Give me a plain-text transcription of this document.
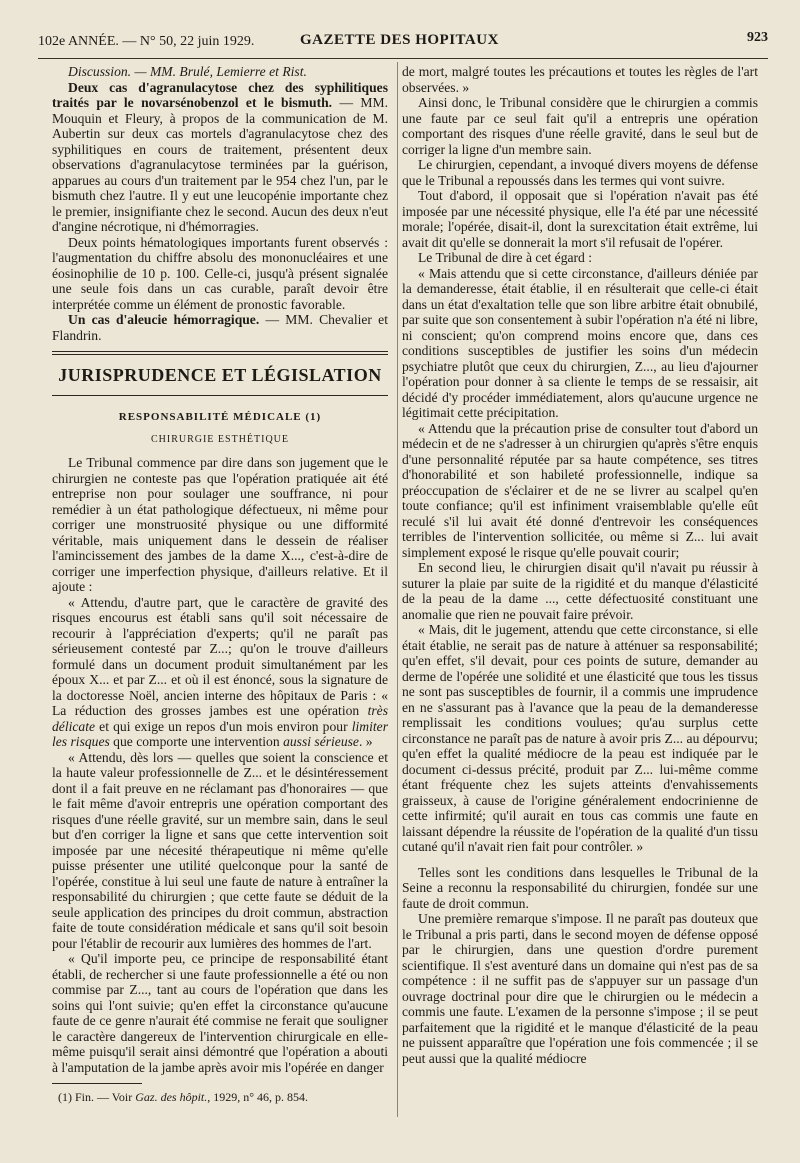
102e ANNÉE. — N° 50, 22 juin 1929.	GAZETTE DES HOPITAUX	923

Discussion. — MM. Brulé, Lemierre et Rist.

Deux cas d'agranulacytose chez des syphilitiques traités par le novarsénobenzol et le bismuth. — MM. Mouquin et Fleury, à propos de la communication de M. Aubertin sur deux cas mortels d'agranulacytose chez des syphilitiques en cours de traitement, présentent deux observations d'agranulacytose terminées par la guérison, apparues au cours d'un traitement par le 954 chez l'un, par le bismuth chez l'autre. Il y eut une leucopénie importante chez le premier, insignifiante chez le second. Aucun des deux n'eut d'angine nécrotique, ni d'hémorragies.

Deux points hématologiques importants furent observés : l'augmentation du chiffre absolu des mononucléaires et une éosinophilie de 10 p. 100. Celle-ci, jusqu'à présent signalée une seule fois dans un cas curable, paraît devoir être interprétée comme un élément de pronostic favorable.

Un cas d'aleucie hémorragique. — MM. Chevalier et Flandrin.

JURISPRUDENCE ET LÉGISLATION
RESPONSABILITÉ MÉDICALE (1)
CHIRURGIE ESTHÉTIQUE

Le Tribunal commence par dire dans son jugement que le chirurgien ne conteste pas que l'opération pratiquée ait été entreprise non pour soulager une souffrance, ni pour remédier à un état pathologique défectueux, ni même pour corriger une monstruosité physique ou une difformité véritable, mais uniquement dans le dessein de réaliser l'amincissement des jambes de la dame X..., c'est-à-dire de corriger une imperfection physique, d'ailleurs relative. Et il ajoute :

« Attendu, d'autre part, que le caractère de gravité des risques encourus est établi sans qu'il soit nécessaire de recourir à l'appréciation d'experts; qu'il ne paraît pas sérieusement contesté par Z...; qu'on le trouve d'ailleurs formulé dans un document produit simultanément par les époux X... et par Z... et où il est énoncé, sous la signature de la doctoresse Noël, ancien interne des hôpitaux de Paris : « La réduction des grosses jambes est une opération très délicate et qui exige un repos d'un mois environ pour limiter les risques que comporte une intervention aussi sérieuse. »

« Attendu, dès lors — quelles que soient la conscience et la haute valeur professionnelle de Z... et le désintéressement dont il a fait preuve en ne réclamant pas d'honoraires — que le fait même d'avoir entrepris une opération comportant des risques d'une réelle gravité, sur un membre sain, dans le seul but d'en corriger la ligne et sans que cette intervention soit imposée par une nécesité thérapeutique ni même qu'elle puisse présenter une utilité quelconque pour la santé de l'opérée, constitue à lui seul une faute de nature à entraîner la responsabilité du chirurgien ; que cette faute se déduit de la seule application des principes du droit commun, abstraction faite de toute considération médicale et sans qu'il soit besoin pour l'établir de recourir aux lumières des hommes de l'art.

« Qu'il importe peu, ce principe de responsabilité étant établi, de rechercher si une faute professionnelle a été ou non commise par Z..., tant au cours de l'opération que dans les soins qui l'ont suivie; qu'en effet la circonstance qu'aucune faute de ce genre n'aurait été commise ne ferait que souligner le caractère dangereux de l'intervention chirurgicale en elle-même puisqu'il serait ainsi démontré que l'opération a abouti à l'amputation de la jambe après avoir mis l'opérée en danger

(1) Fin. — Voir Gaz. des hôpit., 1929, n° 46, p. 854.

de mort, malgré toutes les précautions et toutes les règles de l'art observées. »

Ainsi donc, le Tribunal considère que le chirurgien a commis une faute par ce seul fait qu'il a entrepris une opération comportant des risques d'une réelle gravité, dans le seul but de corriger la ligne d'un membre sain.

Le chirurgien, cependant, a invoqué divers moyens de défense que le Tribunal a repoussés dans les termes qui vont suivre.

Tout d'abord, il opposait que si l'opération n'avait pas été imposée par une nécessité physique, elle l'a été par une nécessité morale; l'opérée, disait-il, dont la surexcitation était extrême, lui avait dit qu'elle se donnerait la mort s'il refusait de l'opérer.

Le Tribunal de dire à cet égard :

« Mais attendu que si cette circonstance, d'ailleurs déniée par la demanderesse, était établie, il en résulterait que celle-ci était dans un état d'exaltation telle que son libre arbitre était obnubilé, par suite que son consentement à subir l'opération n'a été ni libre, ni conscient; qu'on comprend moins encore que, dans ces conditions susceptibles de justifier les soins d'un médecin psychiatre plutôt que ceux du chirurgien, Z..., au lieu d'ajourner l'opération pour donner à sa cliente le temps de se ressaisir, ait décidé d'y procéder immédiatement, alors qu'aucune urgence ne légitimait cette précipitation.

« Attendu que la précaution prise de consulter tout d'abord un médecin et de ne s'adresser à un chirurgien qu'après s'être enquis d'une personnalité réputée par sa haute compétence, ses titres d'honorabilité et son habileté professionnelle, indique sa préoccupation de s'éclairer et de ne se livrer au scalpel qu'en toute confiance; qu'il est infiniment vraisemblable qu'elle eût reculé s'il lui avait été donné d'entrevoir les conséquences terribles de l'intervention sollicitée, ou même si Z... lui avait simplement exposé le risque qu'elle pouvait courir;

En second lieu, le chirurgien disait qu'il n'avait pu réussir à suturer la plaie par suite de la rigidité et du manque d'élasticité de la peau de la dame ..., cette défectuosité constituant une anomalie que rien ne pouvait faire prévoir.

« Mais, dit le jugement, attendu que cette circonstance, si elle était établie, ne serait pas de nature à atténuer sa responsabilité; qu'en effet, s'il devait, pour ces points de suture, demander au derme de l'opérée une solidité et une élasticité que tous les tissus ne sont pas susceptibles de fournir, il a commis une imprudence en ne s'assurant pas à l'avance que la peau de la demanderesse remplissait les conditions voulues; qu'au surplus cette circonstance ne paraît pas de nature à avoir pris Z... au dépourvu; qu'en effet la qualité médiocre de la peau est indiquée par le document ci-dessus précité, produit par Z... lui-même comme étant fréquente chez les sujets atteints d'envahissements graisseux, à cause de l'origine généralement endocrinienne de cette infirmité; qu'il aurait en tous cas commis une faute en laissant dépendre la réussite de l'opération de la qualité d'un tissu cutané qu'il n'avait rien fait pour contrôler. »

Telles sont les conditions dans lesquelles le Tribunal de la Seine a reconnu la responsabilité du chirurgien, fondée sur une faute de droit commun.

Une première remarque s'impose. Il ne paraît pas douteux que le Tribunal a pris parti, dans le second moyen de défense opposé par le chirurgien, dans une question d'ordre purement scientifique. Il s'est aventuré dans un domaine qui n'est pas de sa compétence : il ne suffit pas de s'appuyer sur un passage d'un ouvrage doctrinal pour dire que le chirurgien ou le médecin a commis une faute. L'examen de la personne s'impose ; il se peut parfaitement que la rigidité et le manque d'élasticité de la peau ne puissent apparaître que l'opération une fois commencée ; il se peut aussi que la qualité médiocre
